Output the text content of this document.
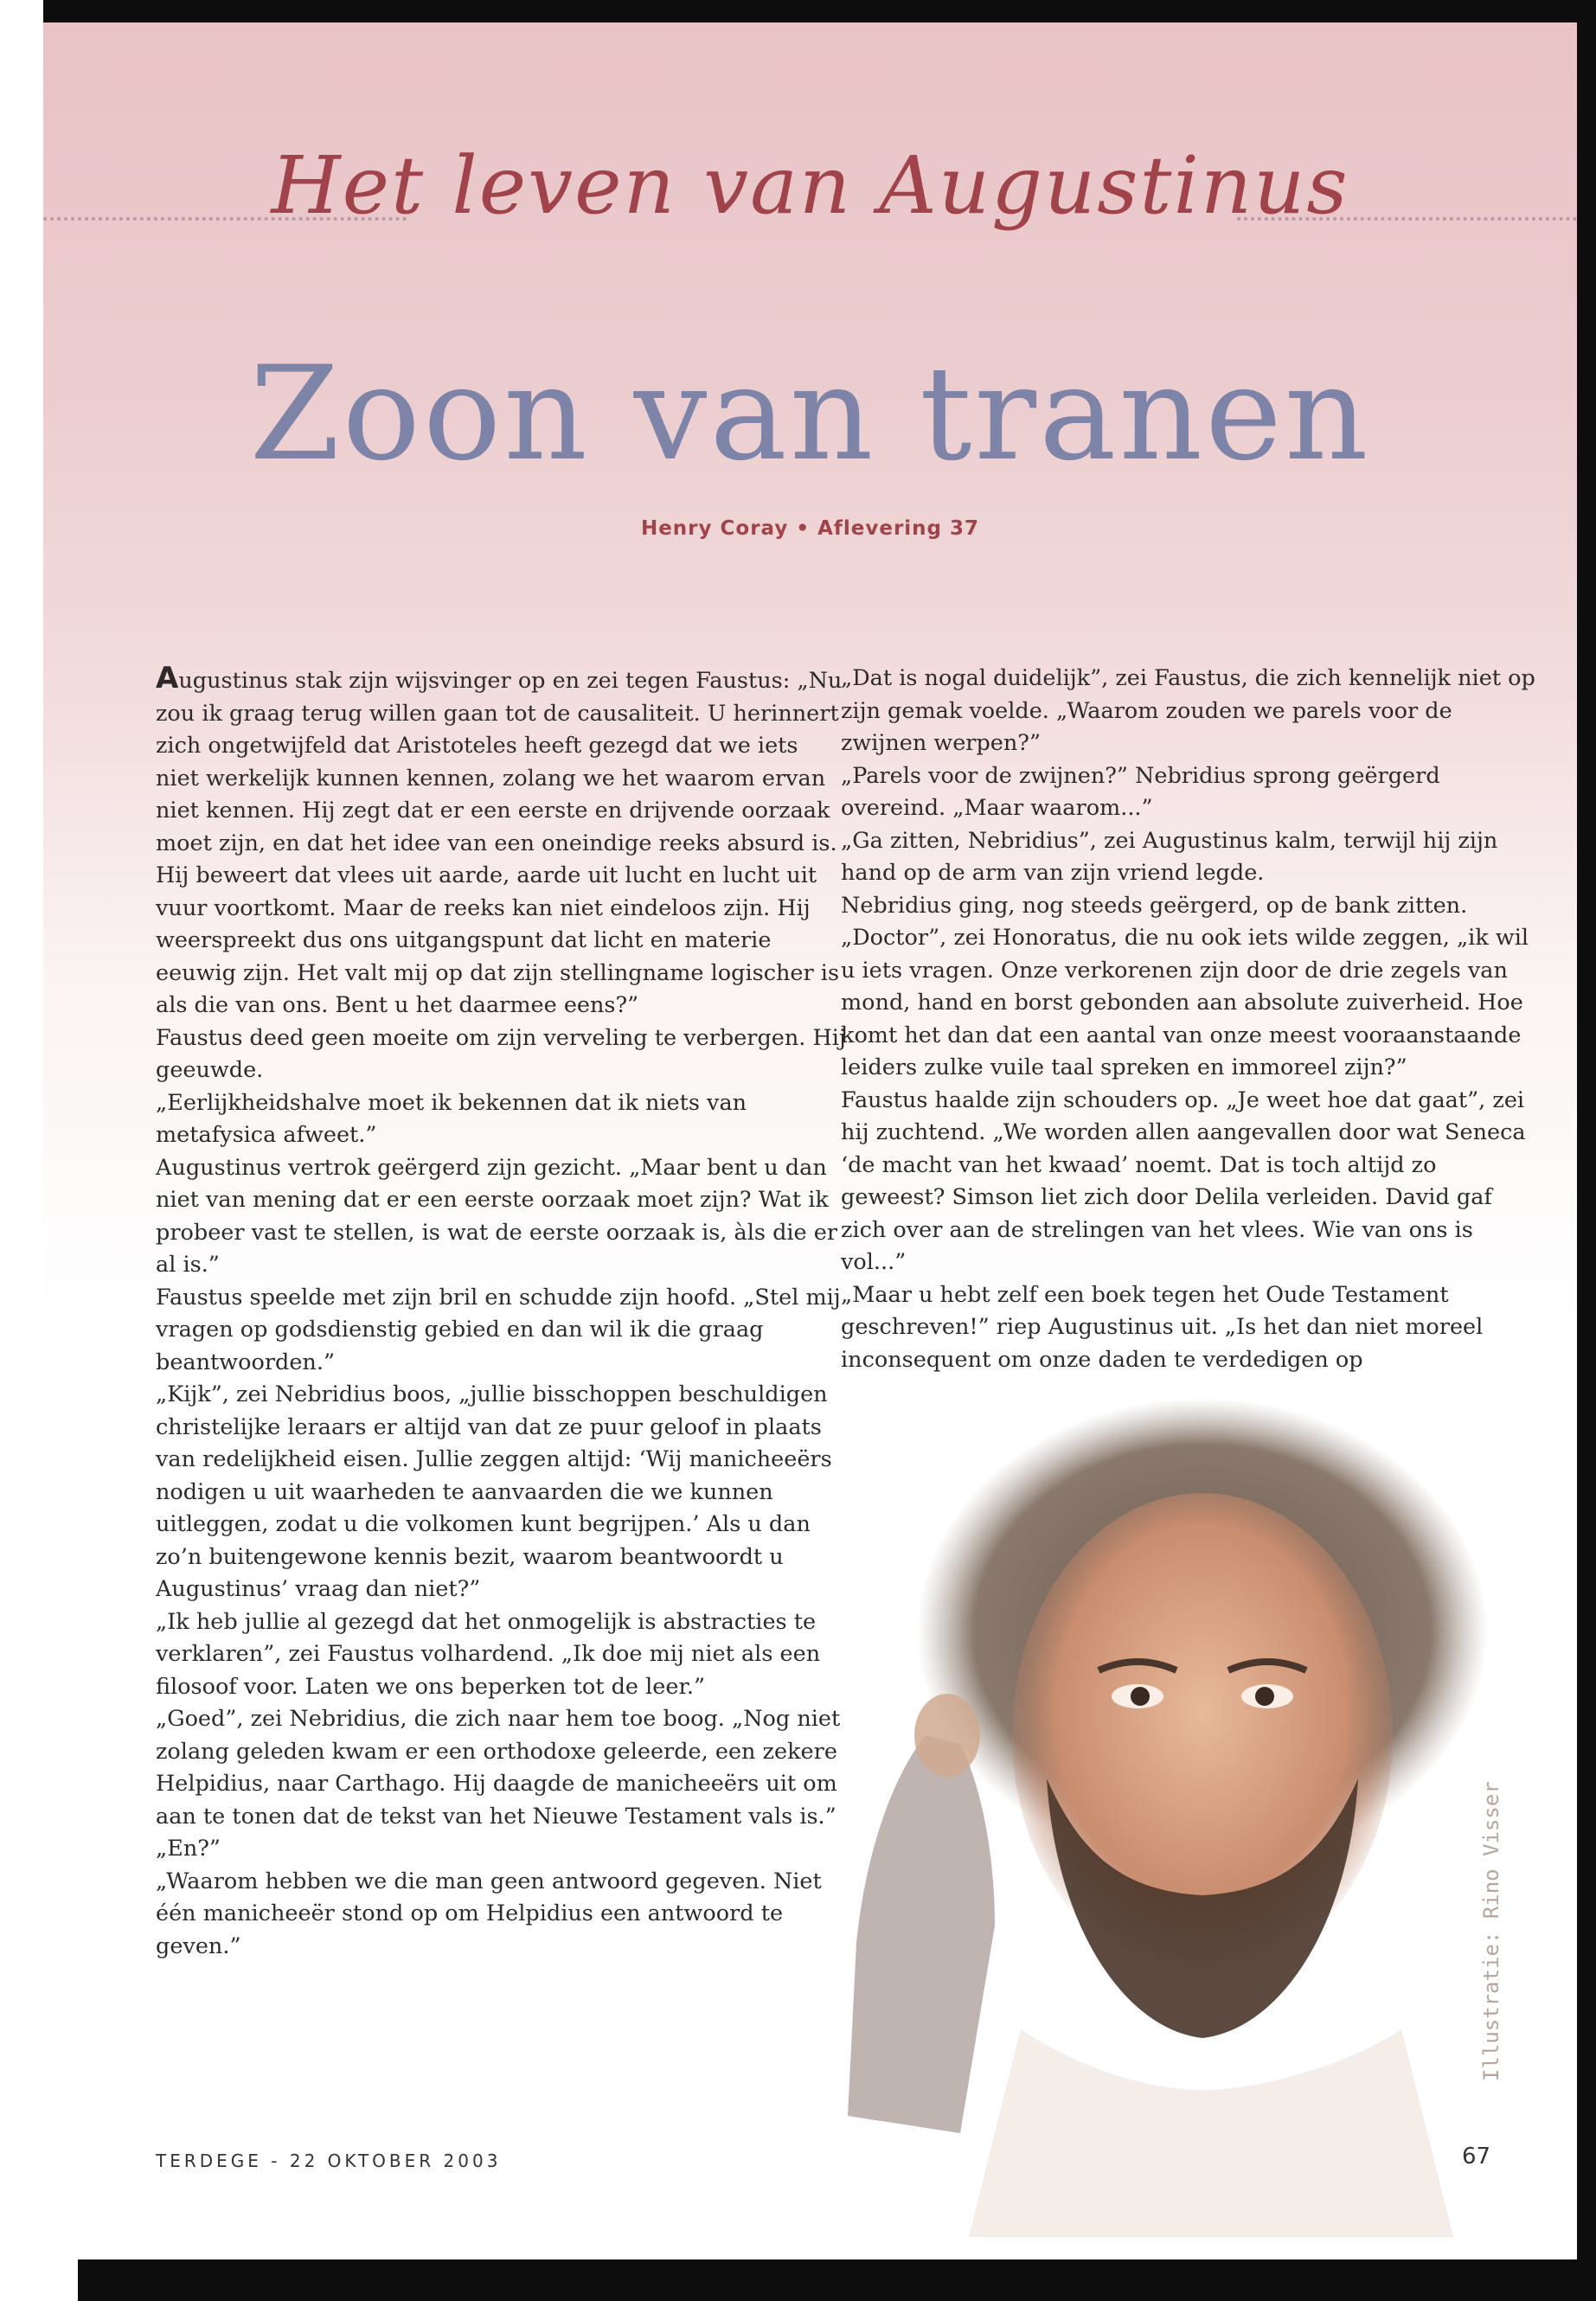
Het leven van Augustinus
Zoon van tranen
Henry Coray • Aflevering 37

Augustinus stak zijn wijsvinger op en zei tegen Faustus: „Nu zou ik graag terug willen gaan tot de causaliteit. U herinnert zich ongetwijfeld dat Aristoteles heeft gezegd dat we iets niet werkelijk kunnen kennen, zolang we het waarom ervan niet kennen. Hij zegt dat er een eerste en drijvende oorzaak moet zijn, en dat het idee van een oneindige reeks absurd is. Hij beweert dat vlees uit aarde, aarde uit lucht en lucht uit vuur voortkomt. Maar de reeks kan niet eindeloos zijn. Hij weerspreekt dus ons uitgangspunt dat licht en materie eeuwig zijn. Het valt mij op dat zijn stellingname logischer is als die van ons. Bent u het daarmee eens?”

Faustus deed geen moeite om zijn verveling te verbergen. Hij geeuwde.

„Eerlijkheidshalve moet ik bekennen dat ik niets van metafysica afweet.”

Augustinus vertrok geërgerd zijn gezicht. „Maar bent u dan niet van mening dat er een eerste oorzaak moet zijn? Wat ik probeer vast te stellen, is wat de eerste oorzaak is, àls die er al is.”

Faustus speelde met zijn bril en schudde zijn hoofd. „Stel mij vragen op godsdienstig gebied en dan wil ik die graag beantwoorden.”

„Kijk”, zei Nebridius boos, „jullie bisschoppen beschuldigen christelijke leraars er altijd van dat ze puur geloof in plaats van redelijkheid eisen. Jullie zeggen altijd: ‘Wij manicheeërs nodigen u uit waarheden te aanvaarden die we kunnen uitleggen, zodat u die volkomen kunt begrijpen.’ Als u dan zo’n buitengewone kennis bezit, waarom beantwoordt u Augustinus’ vraag dan niet?”

„Ik heb jullie al gezegd dat het onmogelijk is abstracties te verklaren”, zei Faustus volhardend. „Ik doe mij niet als een filosoof voor. Laten we ons beperken tot de leer.”

„Goed”, zei Nebridius, die zich naar hem toe boog. „Nog niet zolang geleden kwam er een orthodoxe geleerde, een zekere Helpidius, naar Carthago. Hij daagde de manicheeërs uit om aan te tonen dat de tekst van het Nieuwe Testament vals is.”

„En?”

„Waarom hebben we die man geen antwoord gegeven. Niet één manicheeër stond op om Helpidius een antwoord te geven.”

„Dat is nogal duidelijk”, zei Faustus, die zich kennelijk niet op zijn gemak voelde. „Waarom zouden we parels voor de zwijnen werpen?”

„Parels voor de zwijnen?” Nebridius sprong geërgerd overeind. „Maar waarom...”

„Ga zitten, Nebridius”, zei Augustinus kalm, terwijl hij zijn hand op de arm van zijn vriend legde.

Nebridius ging, nog steeds geërgerd, op de bank zitten.

„Doctor”, zei Honoratus, die nu ook iets wilde zeggen, „ik wil u iets vragen. Onze verkorenen zijn door de drie zegels van mond, hand en borst gebonden aan absolute zuiverheid. Hoe komt het dan dat een aantal van onze meest vooraanstaande leiders zulke vuile taal spreken en immoreel zijn?”

Faustus haalde zijn schouders op. „Je weet hoe dat gaat”, zei hij zuchtend. „We worden allen aangevallen door wat Seneca ‘de macht van het kwaad’ noemt. Dat is toch altijd zo geweest? Simson liet zich door Delila verleiden. David gaf zich over aan de strelingen van het vlees. Wie van ons is vol...”

„Maar u hebt zelf een boek tegen het Oude Testament geschreven!” riep Augustinus uit. „Is het dan niet moreel inconsequent om onze daden te verdedigen op

Illustratie: Rino Visser
TERDEGE - 22 OKTOBER 2003	67
